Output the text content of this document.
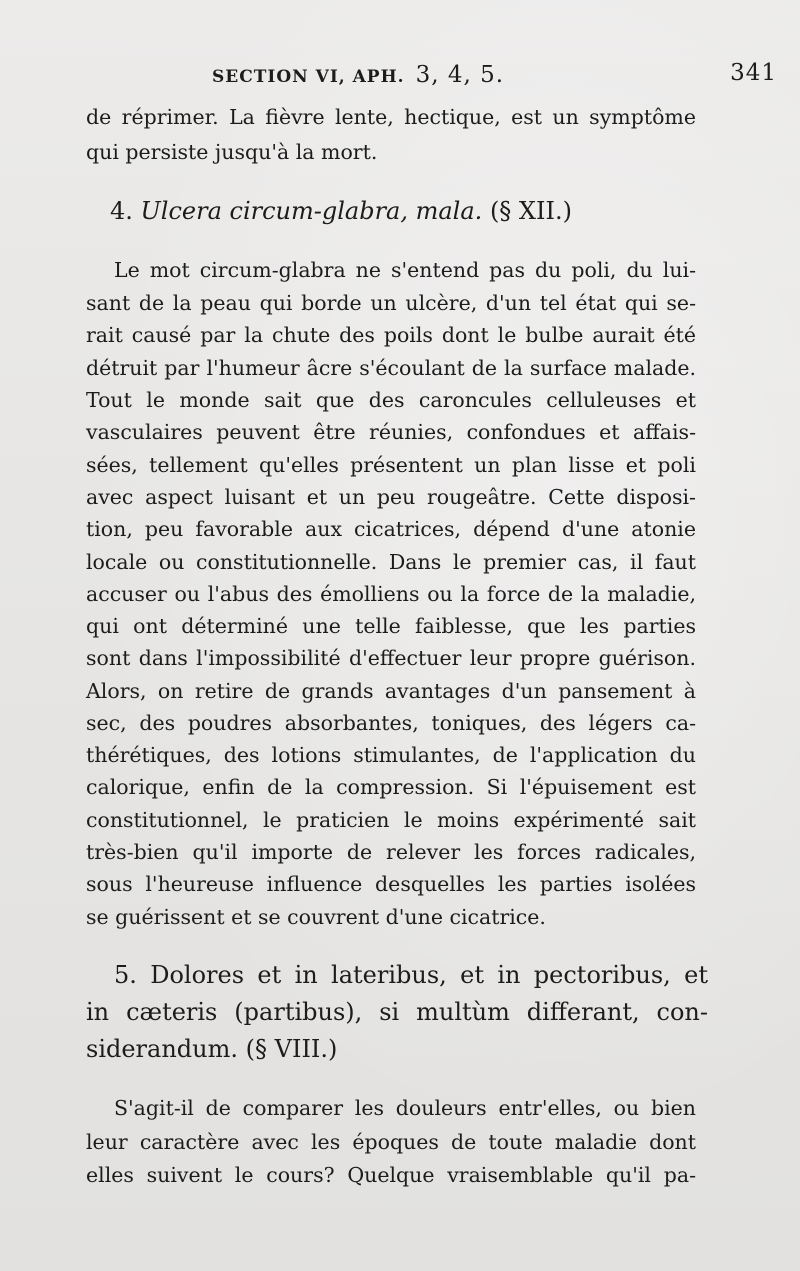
SECTION VI, APH. 3, 4, 5.	341
de réprimer. La fièvre lente, hectique, est un symptôme
qui persiste jusqu'à la mort.
4. Ulcera circum-glabra, mala. (§ XII.)
Le mot circum-glabra ne s'entend pas du poli, du lui-
sant de la peau qui borde un ulcère, d'un tel état qui se-
rait causé par la chute des poils dont le bulbe aurait été
détruit par l'humeur âcre s'écoulant de la surface malade.
Tout le monde sait que des caroncules celluleuses et
vasculaires peuvent être réunies, confondues et affais-
sées, tellement qu'elles présentent un plan lisse et poli
avec aspect luisant et un peu rougeâtre. Cette disposi-
tion, peu favorable aux cicatrices, dépend d'une atonie
locale ou constitutionnelle. Dans le premier cas, il faut
accuser ou l'abus des émolliens ou la force de la maladie,
qui ont déterminé une telle faiblesse, que les parties
sont dans l'impossibilité d'effectuer leur propre guérison.
Alors, on retire de grands avantages d'un pansement à
sec, des poudres absorbantes, toniques, des légers ca-
thérétiques, des lotions stimulantes, de l'application du
calorique, enfin de la compression. Si l'épuisement est
constitutionnel, le praticien le moins expérimenté sait
très-bien qu'il importe de relever les forces radicales,
sous l'heureuse influence desquelles les parties isolées
se guérissent et se couvrent d'une cicatrice.
5. Dolores et in lateribus, et in pectoribus, et
in cæteris (partibus), si multùm differant, con-
siderandum. (§ VIII.)
S'agit-il de comparer les douleurs entr'elles, ou bien
leur caractère avec les époques de toute maladie dont
elles suivent le cours? Quelque vraisemblable qu'il pa-
